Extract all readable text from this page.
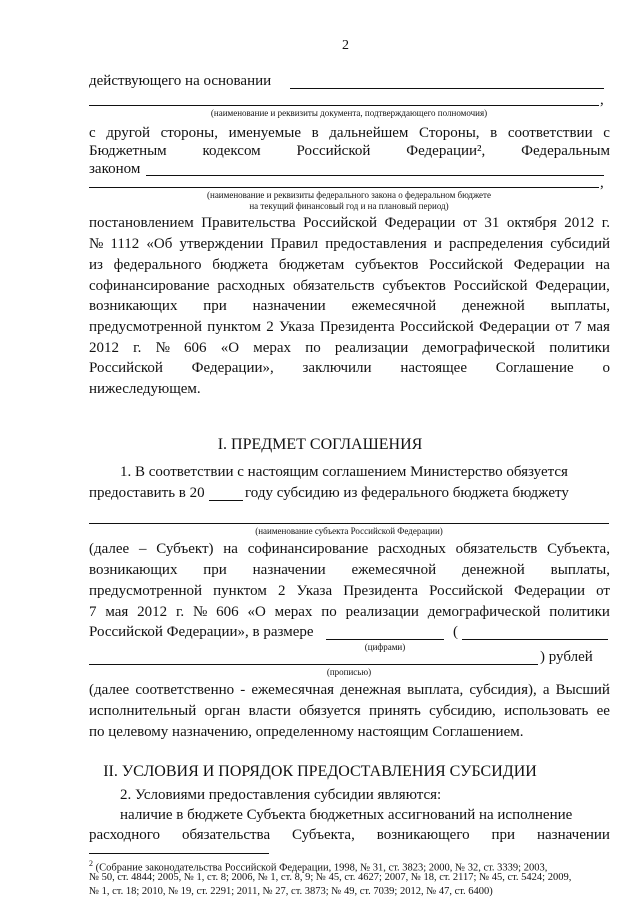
2
действующего на основании
,
(наименование и реквизиты документа, подтверждающего полномочия)
с другой стороны, именуемые в дальнейшем Стороны, в соответствии с
Бюджетным кодексом Российской Федерации², Федеральным
законом
,
(наименование и реквизиты федерального закона о федеральном бюджете
на текущий финансовый год и на плановый период)
постановлением Правительства Российской Федерации от 31 октября 2012 г.
№ 1112 «Об утверждении Правил предоставления и распределения субсидий
из федерального бюджета бюджетам субъектов Российской Федерации на
софинансирование расходных обязательств субъектов Российской Федерации,
возникающих при назначении ежемесячной денежной выплаты,
предусмотренной пунктом 2 Указа Президента Российской Федерации от 7 мая
2012 г. № 606 «О мерах по реализации демографической политики
Российской Федерации», заключили настоящее Соглашение о
нижеследующем.
I. ПРЕДМЕТ СОГЛАШЕНИЯ
1. В соответствии с настоящим соглашением Министерство обязуется
предоставить в 20	году субсидию из федерального бюджета бюджету
(наименование субъекта Российской Федерации)
(далее – Субъект) на софинансирование расходных обязательств Субъекта,
возникающих при назначении ежемесячной денежной выплаты,
предусмотренной пунктом 2 Указа Президента Российской Федерации от
7 мая 2012 г. № 606 «О мерах по реализации демографической политики
Российской Федерации», в размере	(
(цифрами)
) рублей
(прописью)
(далее соответственно - ежемесячная денежная выплата, субсидия), а Высший
исполнительный орган власти обязуется принять субсидию, использовать ее
по целевому назначению, определенному настоящим Соглашением.
II. УСЛОВИЯ И ПОРЯДОК ПРЕДОСТАВЛЕНИЯ СУБСИДИИ
2. Условиями предоставления субсидии являются:
наличие в бюджете Субъекта бюджетных ассигнований на исполнение
расходного обязательства Субъекта, возникающего при назначении
$^2$ (Собрание законодательства Российской Федерации, 1998, № 31, ст. 3823; 2000, № 32, ст. 3339; 2003,
№ 50, ст. 4844; 2005, № 1, ст. 8; 2006, № 1, ст. 8, 9; № 45, ст. 4627; 2007, № 18, ст. 2117; № 45, ст. 5424; 2009,
№ 1, ст. 18; 2010, № 19, ст. 2291; 2011, № 27, ст. 3873; № 49, ст. 7039; 2012, № 47, ст. 6400)
